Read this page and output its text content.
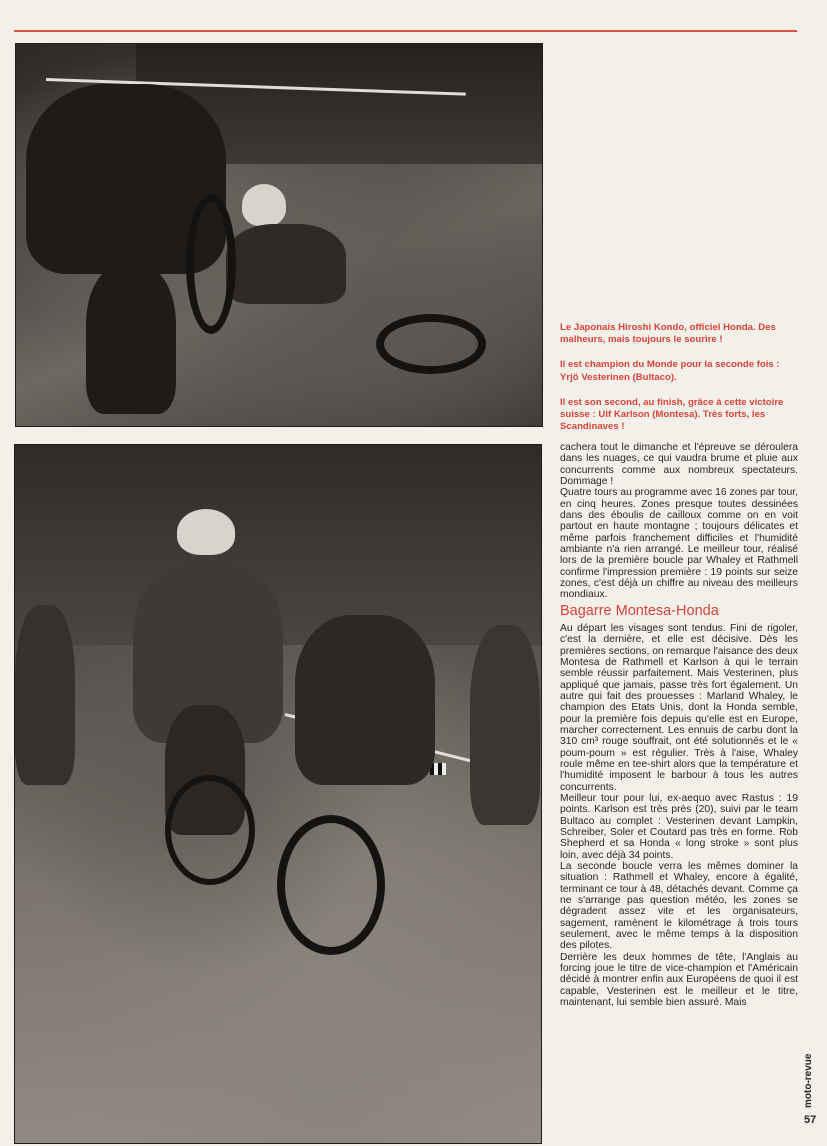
Le Japonais Hiroshi Kondo, officiel Honda. Des malheurs, mais toujours le sourire !

Il est champion du Monde pour la seconde fois : Yrjö Vesterinen (Bultaco).

Il est son second, au finish, grâce à cette victoire suisse : Ulf Karlson (Montesa). Très forts, les Scandinaves !

cachera tout le dimanche et l'épreuve se déroulera dans les nuages, ce qui vaudra brume et pluie aux concurrents comme aux nombreux spectateurs. Dommage !

Quatre tours au programme avec 16 zones par tour, en cinq heures. Zones presque toutes dessinées dans des éboulis de cailloux comme on en voit partout en haute montagne ; toujours délicates et même parfois franchement difficiles et l'humidité ambiante n'a rien arrangé. Le meilleur tour, réalisé lors de la première boucle par Whaley et Rathmell confirme l'impression première : 19 points sur seize zones, c'est déjà un chiffre au niveau des meilleurs mondiaux.

Bagarre Montesa-Honda

Au départ les visages sont tendus. Fini de rigoler, c'est la dernière, et elle est décisive. Dès les premières sections, on remarque l'aisance des deux Montesa de Rathmell et Karlson à qui le terrain semble réussir parfaitement. Mais Vesterinen, plus appliqué que jamais, passe très fort également. Un autre qui fait des prouesses : Marland Whaley, le champion des Etats Unis, dont la Honda semble, pour la première fois depuis qu'elle est en Europe, marcher correctement. Les ennuis de carbu dont la 310 cm³ rouge souffrait, ont été solutionnés et le « poum-poum » est régulier. Très à l'aise, Whaley roule même en tee-shirt alors que la température et l'humidité imposent le barbour à tous les autres concurrents.

Meilleur tour pour lui, ex-aequo avec Rastus : 19 points. Karlson est très près (20), suivi par le team Bultaco au complet : Vesterinen devant Lampkin, Schreiber, Soler et Coutard pas très en forme. Rob Shepherd et sa Honda « long stroke » sont plus loin, avec déjà 34 points.

La seconde boucle verra les mêmes dominer la situation : Rathmell et Whaley, encore à égalité, terminant ce tour à 48, détachés devant. Comme ça ne s'arrange pas question météo, les zones se dégradent assez vite et les organisateurs, sagement, ramènent le kilométrage à trois tours seulement, avec le même temps à la disposition des pilotes.

Derrière les deux hommes de tête, l'Anglais au forcing joue le titre de vice-champion et l'Américain décidé à montrer enfin aux Européens de quoi il est capable, Vesterinen est le meilleur et le titre, maintenant, lui semble bien assuré. Mais

moto-revue
57
